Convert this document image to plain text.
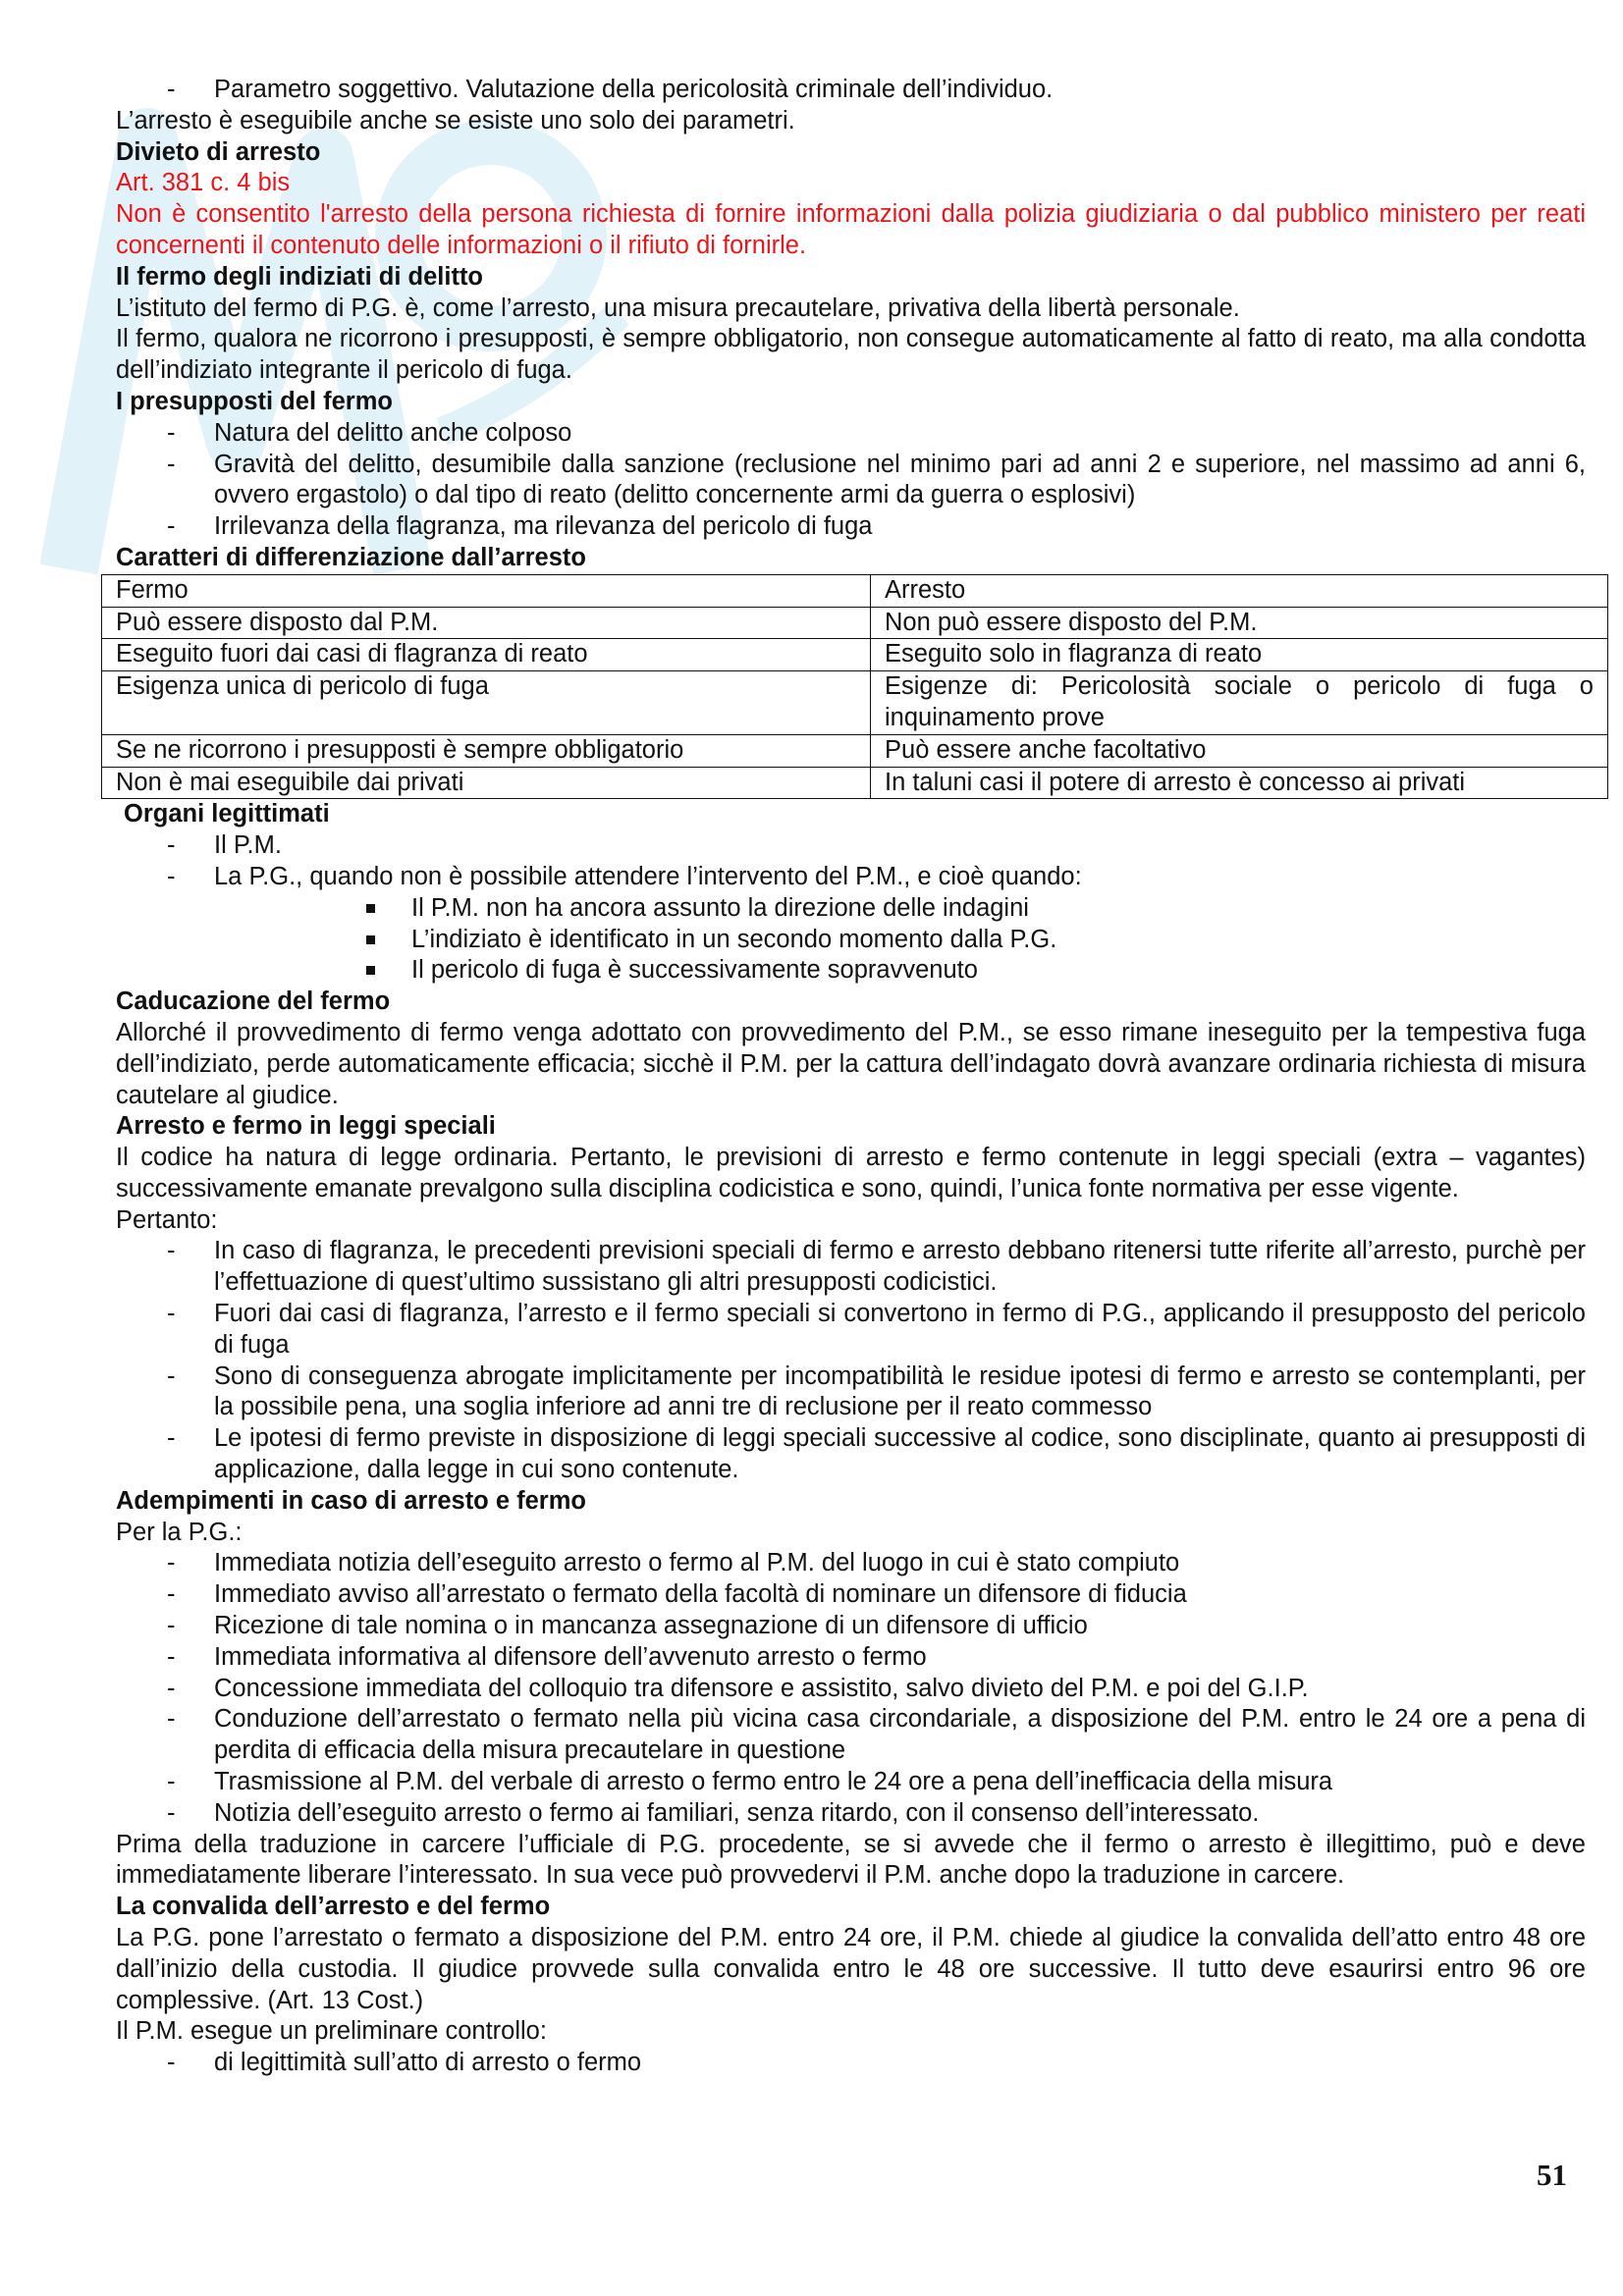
- Parametro soggettivo. Valutazione della pericolosità criminale dell’individuo.

L’arresto è eseguibile anche se esiste uno solo dei parametri.

Divieto di arresto

Art. 381 c. 4 bis

Non è consentito l'arresto della persona richiesta di fornire informazioni dalla polizia giudiziaria o dal pubblico ministero per reati concernenti il contenuto delle informazioni o il rifiuto di fornirle.

Il fermo degli indiziati di delitto

L’istituto del fermo di P.G. è, come l’arresto, una misura precautelare, privativa della libertà personale.

Il fermo, qualora ne ricorrono i presupposti, è sempre obbligatorio, non consegue automaticamente al fatto di reato, ma alla condotta dell’indiziato integrante il pericolo di fuga.

I presupposti del fermo

- Natura del delitto anche colposo
- Gravità del delitto, desumibile dalla sanzione (reclusione nel minimo pari ad anni 2 e superiore, nel massimo ad anni 6, ovvero ergastolo) o dal tipo di reato (delitto concernente armi da guerra o esplosivi)
- Irrilevanza della flagranza, ma rilevanza del pericolo di fuga

Caratteri di differenziazione dall’arresto

Fermo	Arresto
Può essere disposto dal P.M.	Non può essere disposto del P.M.
Eseguito fuori dai casi di flagranza di reato	Eseguito solo in flagranza di reato
Esigenza unica di pericolo di fuga	Esigenze di: Pericolosità sociale o pericolo di fuga o inquinamento prove
Se ne ricorrono i presupposti è sempre obbligatorio	Può essere anche facoltativo
Non è mai eseguibile dai privati	In taluni casi il potere di arresto è concesso ai privati

Organi legittimati

- Il P.M.
- La P.G., quando non è possibile attendere l’intervento del P.M., e cioè quando:
Il P.M. non ha ancora assunto la direzione delle indagini
L’indiziato è identificato in un secondo momento dalla P.G.
Il pericolo di fuga è successivamente sopravvenuto

Caducazione del fermo

Allorché il provvedimento di fermo venga adottato con provvedimento del P.M., se esso rimane ineseguito per la tempestiva fuga dell’indiziato, perde automaticamente efficacia; sicchè il P.M. per la cattura dell’indagato dovrà avanzare ordinaria richiesta di misura cautelare al giudice.

Arresto e fermo in leggi speciali

Il codice ha natura di legge ordinaria. Pertanto, le previsioni di arresto e fermo contenute in leggi speciali (extra – vagantes) successivamente emanate prevalgono sulla disciplina codicistica e sono, quindi, l’unica fonte normativa per esse vigente.

Pertanto:

- In caso di flagranza, le precedenti previsioni speciali di fermo e arresto debbano ritenersi tutte riferite all’arresto, purchè per l’effettuazione di quest’ultimo sussistano gli altri presupposti codicistici.
- Fuori dai casi di flagranza, l’arresto e il fermo speciali si convertono in fermo di P.G., applicando il presupposto del pericolo di fuga
- Sono di conseguenza abrogate implicitamente per incompatibilità le residue ipotesi di fermo e arresto se contemplanti, per la possibile pena, una soglia inferiore ad anni tre di reclusione per il reato commesso
- Le ipotesi di fermo previste in disposizione di leggi speciali successive al codice, sono disciplinate, quanto ai presupposti di applicazione, dalla legge in cui sono contenute.

Adempimenti in caso di arresto e fermo

Per la P.G.:

- Immediata notizia dell’eseguito arresto o fermo al P.M. del luogo in cui è stato compiuto
- Immediato avviso all’arrestato o fermato della facoltà di nominare un difensore di fiducia
- Ricezione di tale nomina o in mancanza assegnazione di un difensore di ufficio
- Immediata informativa al difensore dell’avvenuto arresto o fermo
- Concessione immediata del colloquio tra difensore e assistito, salvo divieto del P.M. e poi del G.I.P.
- Conduzione dell’arrestato o fermato nella più vicina casa circondariale, a disposizione del P.M. entro le 24 ore a pena di perdita di efficacia della misura precautelare in questione
- Trasmissione al P.M. del verbale di arresto o fermo entro le 24 ore a pena dell’inefficacia della misura
- Notizia dell’eseguito arresto o fermo ai familiari, senza ritardo, con il consenso dell’interessato.

Prima della traduzione in carcere l’ufficiale di P.G. procedente, se si avvede che il fermo o arresto è illegittimo, può e deve immediatamente liberare l’interessato. In sua vece può provvedervi il P.M. anche dopo la traduzione in carcere.

La convalida dell’arresto e del fermo

La P.G. pone l’arrestato o fermato a disposizione del P.M. entro 24 ore, il P.M. chiede al giudice la convalida dell’atto entro 48 ore dall’inizio della custodia. Il giudice provvede sulla convalida entro le 48 ore successive. Il tutto deve esaurirsi entro 96 ore complessive. (Art. 13 Cost.)

Il P.M. esegue un preliminare controllo:

- di legittimità sull’atto di arresto o fermo
51
